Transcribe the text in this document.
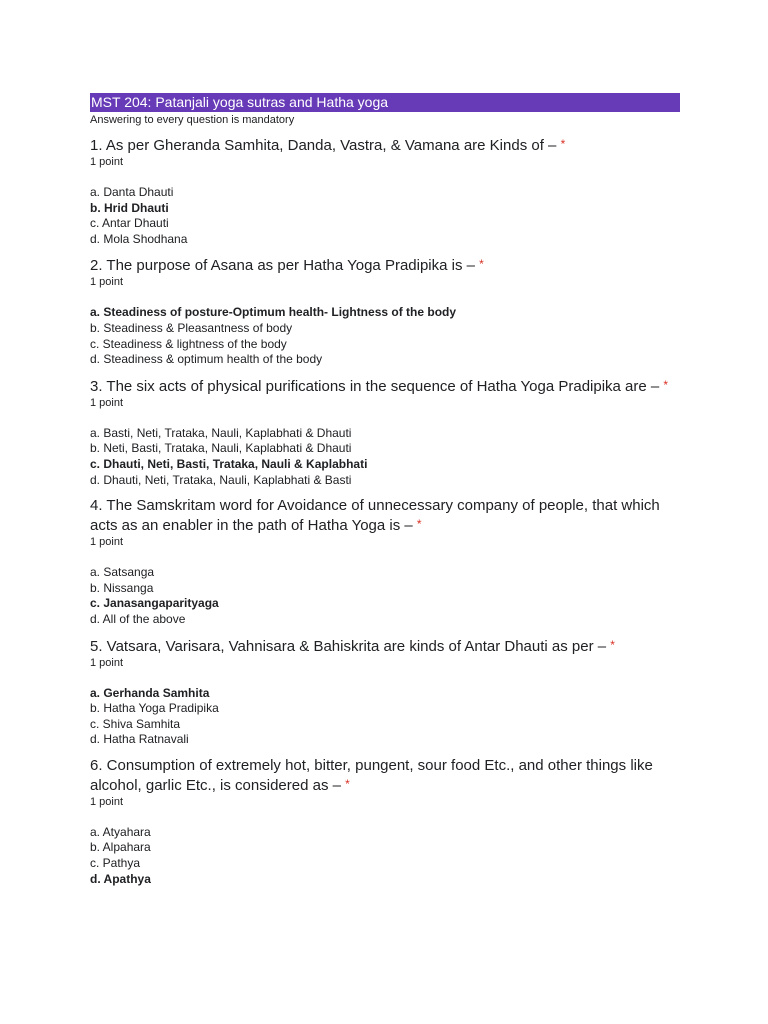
MST 204: Patanjali yoga sutras and Hatha yoga
Answering to every question is mandatory
1. As per Gheranda Samhita, Danda, Vastra, & Vamana are Kinds of – *
1 point
a. Danta Dhauti
b. Hrid Dhauti
c. Antar Dhauti
d. Mola Shodhana
2. The purpose of Asana as per Hatha Yoga Pradipika is – *
1 point
a. Steadiness of posture-Optimum health- Lightness of the body
b. Steadiness & Pleasantness of body
c. Steadiness & lightness of the body
d. Steadiness & optimum health of the body
3. The six acts of physical purifications in the sequence of Hatha Yoga Pradipika are – *
1 point
a. Basti, Neti, Trataka, Nauli, Kaplabhati & Dhauti
b. Neti, Basti, Trataka, Nauli, Kaplabhati & Dhauti
c. Dhauti, Neti, Basti, Trataka, Nauli & Kaplabhati
d. Dhauti, Neti, Trataka, Nauli, Kaplabhati & Basti
4. The Samskritam word for Avoidance of unnecessary company of people, that which acts as an enabler in the path of Hatha Yoga is – *
1 point
a. Satsanga
b. Nissanga
c. Janasangaparityaga
d. All of the above
5. Vatsara, Varisara, Vahnisara & Bahiskrita are kinds of Antar Dhauti as per – *
1 point
a. Gerhanda Samhita
b. Hatha Yoga Pradipika
c. Shiva Samhita
d. Hatha Ratnavali
6. Consumption of extremely hot, bitter, pungent, sour food Etc., and other things like alcohol, garlic Etc., is considered as – *
1 point
a. Atyahara
b. Alpahara
c. Pathya
d. Apathya
